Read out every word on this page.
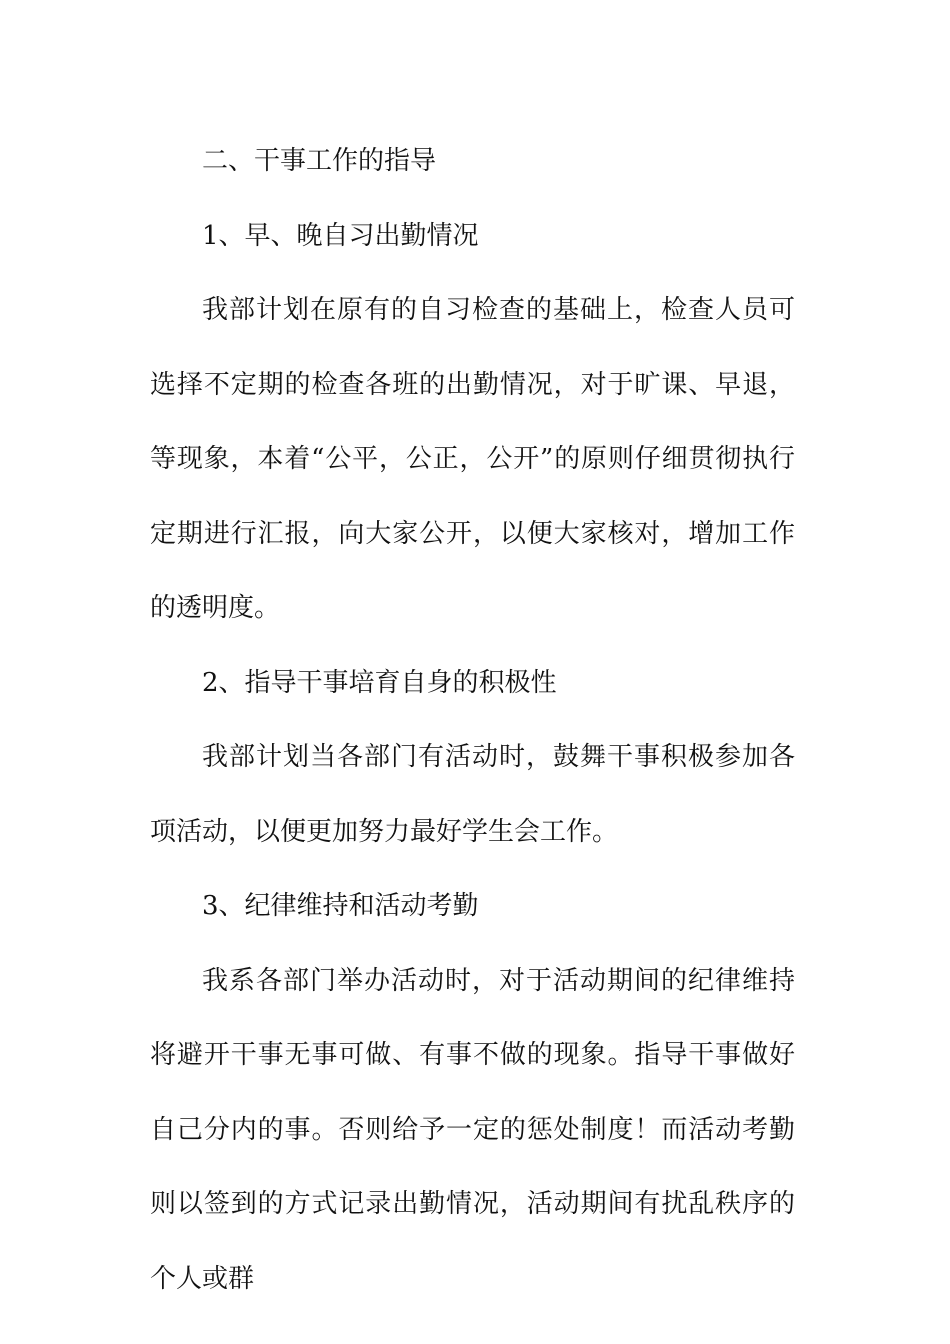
二、干事工作的指导

1、早、晚自习出勤情况

我部计划在原有的自习检查的基础上，检查人员可选择不定期的检查各班的出勤情况，对于旷课、早退，等现象，本着“公平，公正，公开”的原则仔细贯彻执行定期进行汇报，向大家公开，以便大家核对，增加工作的透明度。

2、指导干事培育自身的积极性

我部计划当各部门有活动时，鼓舞干事积极参加各项活动，以便更加努力最好学生会工作。

3、纪律维持和活动考勤

我系各部门举办活动时，对于活动期间的纪律维持将避开干事无事可做、有事不做的现象。指导干事做好自己分内的事。否则给予一定的惩处制度！而活动考勤则以签到的方式记录出勤情况，活动期间有扰乱秩序的个人或群
